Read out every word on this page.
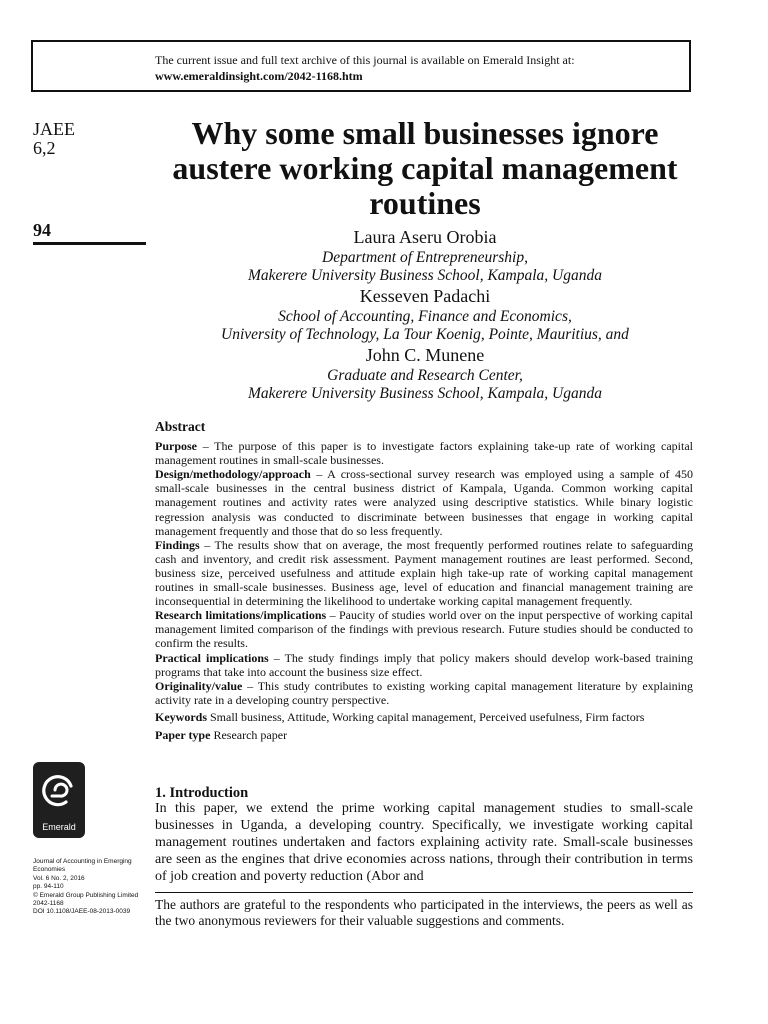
The current issue and full text archive of this journal is available on Emerald Insight at:
www.emeraldinsight.com/2042-1168.htm
JAEE
6,2
94
Why some small businesses ignore austere working capital management routines
Laura Aseru Orobia
Department of Entrepreneurship,
Makerere University Business School, Kampala, Uganda
Kesseven Padachi
School of Accounting, Finance and Economics,
University of Technology, La Tour Koenig, Pointe, Mauritius, and
John C. Munene
Graduate and Research Center,
Makerere University Business School, Kampala, Uganda
Abstract

Purpose – The purpose of this paper is to investigate factors explaining take-up rate of working capital management routines in small-scale businesses.

Design/methodology/approach – A cross-sectional survey research was employed using a sample of 450 small-scale businesses in the central business district of Kampala, Uganda. Common working capital management routines and activity rates were analyzed using descriptive statistics. While binary logistic regression analysis was conducted to discriminate between businesses that engage in working capital management frequently and those that do so less frequently.

Findings – The results show that on average, the most frequently performed routines relate to safeguarding cash and inventory, and credit risk assessment. Payment management routines are least performed. Second, business size, perceived usefulness and attitude explain high take-up rate of working capital management routines in small-scale businesses. Business age, level of education and financial management training are inconsequential in determining the likelihood to undertake working capital management frequently.

Research limitations/implications – Paucity of studies world over on the input perspective of working capital management limited comparison of the findings with previous research. Future studies should be conducted to confirm the results.

Practical implications – The study findings imply that policy makers should develop work-based training programs that take into account the business size effect.

Originality/value – This study contributes to existing working capital management literature by explaining activity rate in a developing country perspective.

Keywords Small business, Attitude, Working capital management, Perceived usefulness, Firm factors

Paper type Research paper

Emerald
Journal of Accounting in Emerging
Economies
Vol. 6 No. 2, 2016
pp. 94-110
© Emerald Group Publishing Limited
2042-1168
DOI 10.1108/JAEE-08-2013-0039
1. Introduction

In this paper, we extend the prime working capital management studies to small-scale businesses in Uganda, a developing country. Specifically, we investigate working capital management routines undertaken and factors explaining activity rate. Small-scale businesses are seen as the engines that drive economies across nations, through their contribution in terms of job creation and poverty reduction (Abor and

The authors are grateful to the respondents who participated in the interviews, the peers as well as the two anonymous reviewers for their valuable suggestions and comments.
